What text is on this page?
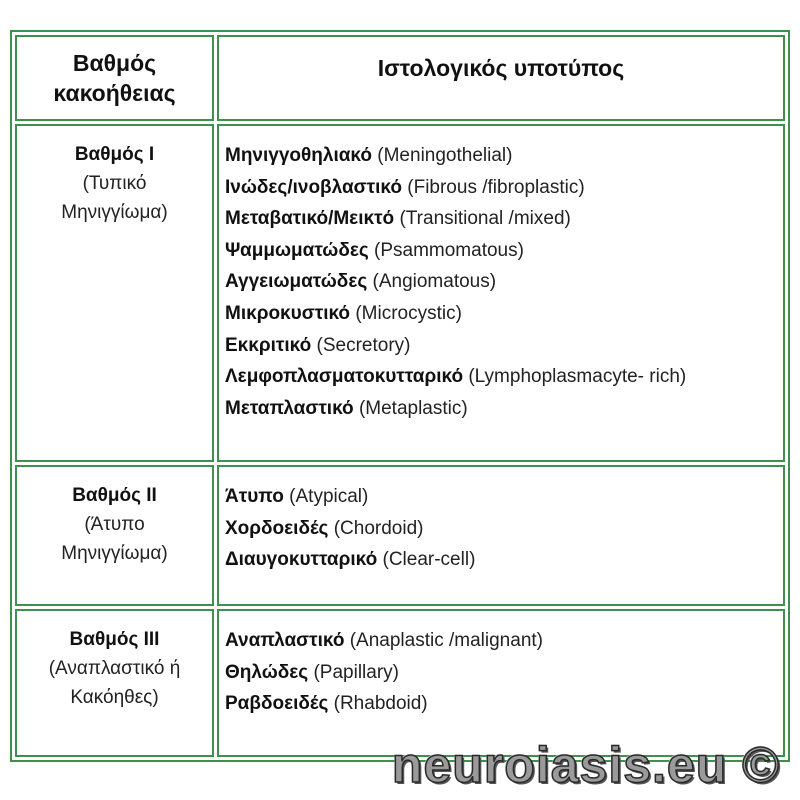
Βαθμός
κακοήθειας
Ιστολογικός υποτύπος
Βαθμός I
(Τυπικό
Μηνιγγίωμα)
Μηνιγγοθηλιακό (Meningothelial)
Ινώδες/ινοβλαστικό (Fibrous /fibroplastic)
Μεταβατικό/Μεικτό (Transitional /mixed)
Ψαμμωματώδες (Psammomatous)
Αγγειωματώδες (Angiomatous)
Μικροκυστικό (Microcystic)
Εκκριτικό (Secretory)
Λεμφοπλασματοκυτταρικό (Lymphoplasmacyte- rich)
Μεταπλαστικό (Metaplastic)
Βαθμός II
(Άτυπο
Μηνιγγίωμα)
Άτυπο (Atypical)
Χορδοειδές (Chordoid)
Διαυγοκυτταρικό (Clear-cell)
Βαθμός III
(Αναπλαστικό ή
Κακόηθες)
Αναπλαστικό (Anaplastic /malignant)
Θηλώδες (Papillary)
Ραβδοειδές (Rhabdoid)
neuroiasis.eu ©
